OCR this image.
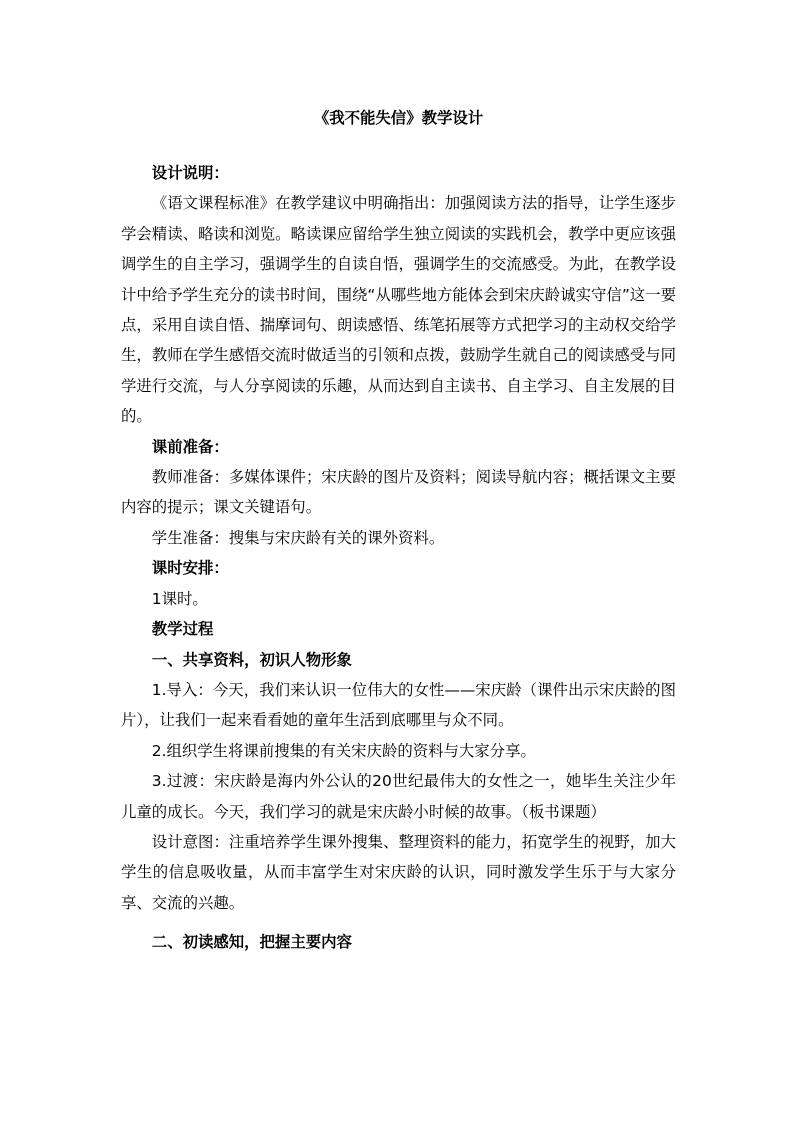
《我不能失信》教学设计

设计说明：

《语文课程标准》在教学建议中明确指出：加强阅读方法的指导，让学生逐步学会精读、略读和浏览。略读课应留给学生独立阅读的实践机会，教学中更应该强调学生的自主学习，强调学生的自读自悟，强调学生的交流感受。为此，在教学设计中给予学生充分的读书时间，围绕“从哪些地方能体会到宋庆龄诚实守信”这一要点，采用自读自悟、揣摩词句、朗读感悟、练笔拓展等方式把学习的主动权交给学生，教师在学生感悟交流时做适当的引领和点拨，鼓励学生就自己的阅读感受与同学进行交流，与人分享阅读的乐趣，从而达到自主读书、自主学习、自主发展的目的。

课前准备：

教师准备：多媒体课件；宋庆龄的图片及资料；阅读导航内容；概括课文主要内容的提示；课文关键语句。

学生准备：搜集与宋庆龄有关的课外资料。

课时安排：

1课时。

教学过程

一、共享资料，初识人物形象

1.导入：今天，我们来认识一位伟大的女性——宋庆龄（课件出示宋庆龄的图片），让我们一起来看看她的童年生活到底哪里与众不同。

2.组织学生将课前搜集的有关宋庆龄的资料与大家分享。

3.过渡：宋庆龄是海内外公认的20世纪最伟大的女性之一，她毕生关注少年儿童的成长。今天，我们学习的就是宋庆龄小时候的故事。（板书课题）

设计意图：注重培养学生课外搜集、整理资料的能力，拓宽学生的视野，加大学生的信息吸收量，从而丰富学生对宋庆龄的认识，同时激发学生乐于与大家分享、交流的兴趣。

二、初读感知，把握主要内容
